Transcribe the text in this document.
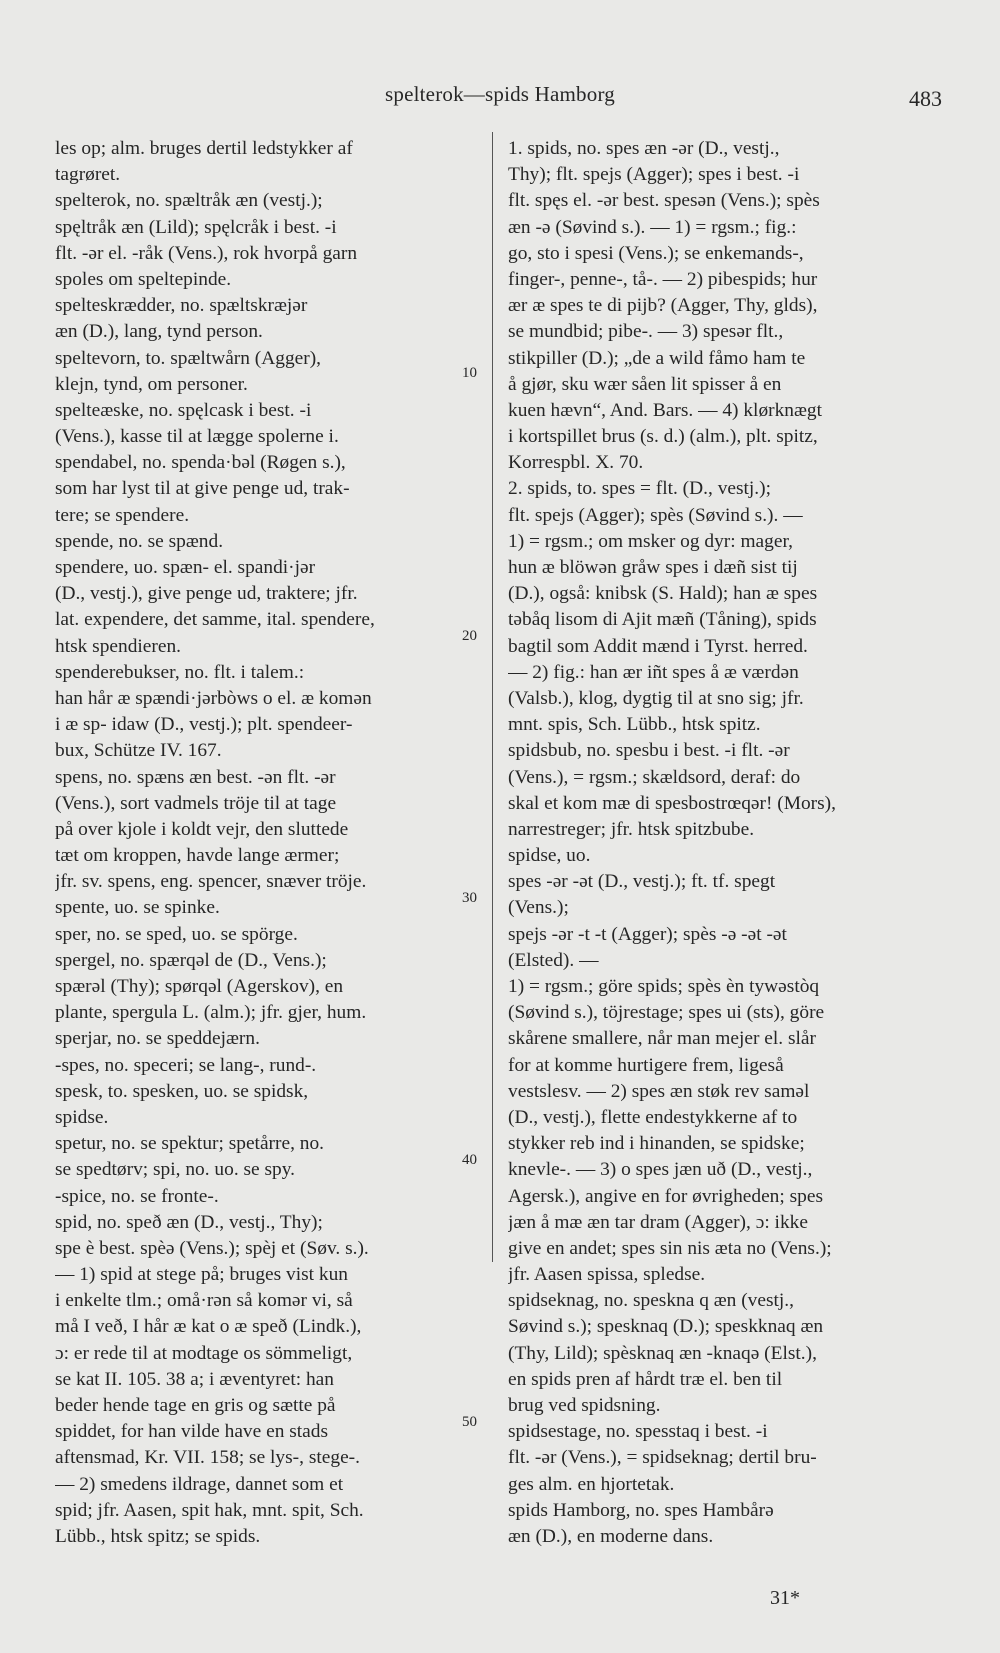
spelterok—spids Hamborg	483
10
20
30
40
50
les op; alm. bruges dertil ledstykker af
tagrøret.
spelterok, no. spæltråk æn (vestj.);
spęltråk æn (Lild); spęlcråk i best. -i
flt. -ər el. -råk (Vens.), rok hvorpå garn
spoles om speltepinde.
spelteskrædder, no. spæltskræjər
æn (D.), lang, tynd person.
speltevorn, to. spæltwårn (Agger),
klejn, tynd, om personer.
spelteæske, no. spęlcask i best. -i
(Vens.), kasse til at lægge spolerne i.
spendabel, no. spenda·bəl (Røgen s.),
som har lyst til at give penge ud, trak-
tere; se spendere.
spende, no. se spænd.
spendere, uo. spæn- el. spandi·jər
(D., vestj.), give penge ud, traktere; jfr.
lat. expendere, det samme, ital. spendere,
htsk spendieren.
spenderebukser, no. flt. i talem.:
han hår æ spændi·jərbòws o el. æ komən
i æ sp- idaw (D., vestj.); plt. spendeer-
bux, Schütze IV. 167.
spens, no. spæns æn best. -ən flt. -ər
(Vens.), sort vadmels tröje til at tage
på over kjole i koldt vejr, den sluttede
tæt om kroppen, havde lange ærmer;
jfr. sv. spens, eng. spencer, snæver tröje.
spente, uo. se spinke.
sper, no. se sped, uo. se spörge.
spergel, no. spærqəl de (D., Vens.);
spærəl (Thy); spørqəl (Agerskov), en
plante, spergula L. (alm.); jfr. gjer, hum.
sperjar, no. se speddejærn.
-spes, no. speceri; se lang-, rund-.
spesk, to. spesken, uo. se spidsk,
spidse.
spetur, no. se spektur; spetårre, no.
se spedtørv; spi, no. uo. se spy.
-spice, no. se fronte-.
spid, no. speð æn (D., vestj., Thy);
spe è best. spèə (Vens.); spèj et (Søv. s.).
— 1) spid at stege på; bruges vist kun
i enkelte tlm.; omå·rən så komər vi, så
må I veð, I hår æ kat o æ speð (Lindk.),
ɔ: er rede til at modtage os sömmeligt,
se kat II. 105. 38 a; i æventyret: han
beder hende tage en gris og sætte på
spiddet, for han vilde have en stads
aftensmad, Kr. VII. 158; se lys-, stege-.
— 2) smedens ildrage, dannet som et
spid; jfr. Aasen, spit hak, mnt. spit, Sch.
Lübb., htsk spitz; se spids.
1. spids, no. spes æn -ər (D., vestj.,
Thy); flt. spejs (Agger); spes i best. -i
flt. spęs el. -ər best. spesən (Vens.); spès
æn -ə (Søvind s.). — 1) = rgsm.; fig.:
go, sto i spesi (Vens.); se enkemands-,
finger-, penne-, tå-. — 2) pibespids; hur
ær æ spes te di pijb? (Agger, Thy, glds),
se mundbid; pibe-. — 3) spesər flt.,
stikpiller (D.); „de a wild fåmo ham te
å gjør, sku wær såen lit spisser å en
kuen hævn“, And. Bars. — 4) klørknægt
i kortspillet brus (s. d.) (alm.), plt. spitz,
Korrespbl. X. 70.
2. spids, to. spes = flt. (D., vestj.);
flt. spejs (Agger); spès (Søvind s.). —
1) = rgsm.; om msker og dyr: mager,
hun æ blöwən gråw spes i dæñ sist tij
(D.), også: knibsk (S. Hald); han æ spes
təbåq lisom di Ajit mæñ (Tåning), spids
bagtil som Addit mænd i Tyrst. herred.
— 2) fig.: han ær iñt spes å æ værdən
(Valsb.), klog, dygtig til at sno sig; jfr.
mnt. spis, Sch. Lübb., htsk spitz.
spidsbub, no. spesbu i best. -i flt. -ər
(Vens.), = rgsm.; skældsord, deraf: do
skal et kom mæ di spesbostrœqər! (Mors),
narrestreger; jfr. htsk spitzbube.
spidse, uo.
spes -ər -ət (D., vestj.); ft. tf. spegt
(Vens.);
spejs -ər -t -t (Agger); spès -ə -ət -ət
(Elsted). —
1) = rgsm.; göre spids; spès èn tywəstòq
(Søvind s.), töjrestage; spes ui (sts), göre
skårene smallere, når man mejer el. slår
for at komme hurtigere frem, ligeså
vestslesv. — 2) spes æn støk rev saməl
(D., vestj.), flette endestykkerne af to
stykker reb ind i hinanden, se spidske;
knevle-. — 3) o spes jæn uð (D., vestj.,
Agersk.), angive en for øvrigheden; spes
jæn å mæ æn tar dram (Agger), ɔ: ikke
give en andet; spes sin nis æta no (Vens.);
jfr. Aasen spissa, spledse.
spidseknag, no. speskna q æn (vestj.,
Søvind s.); spesknaq (D.); speskknaq æn
(Thy, Lild); spèsknaq æn -knaqə (Elst.),
en spids pren af hårdt træ el. ben til
brug ved spidsning.
spidsestage, no. spesstaq i best. -i
flt. -ər (Vens.), = spidseknag; dertil bru-
ges alm. en hjortetak.
spids Hamborg, no. spes Hambårə
æn (D.), en moderne dans.
31*
